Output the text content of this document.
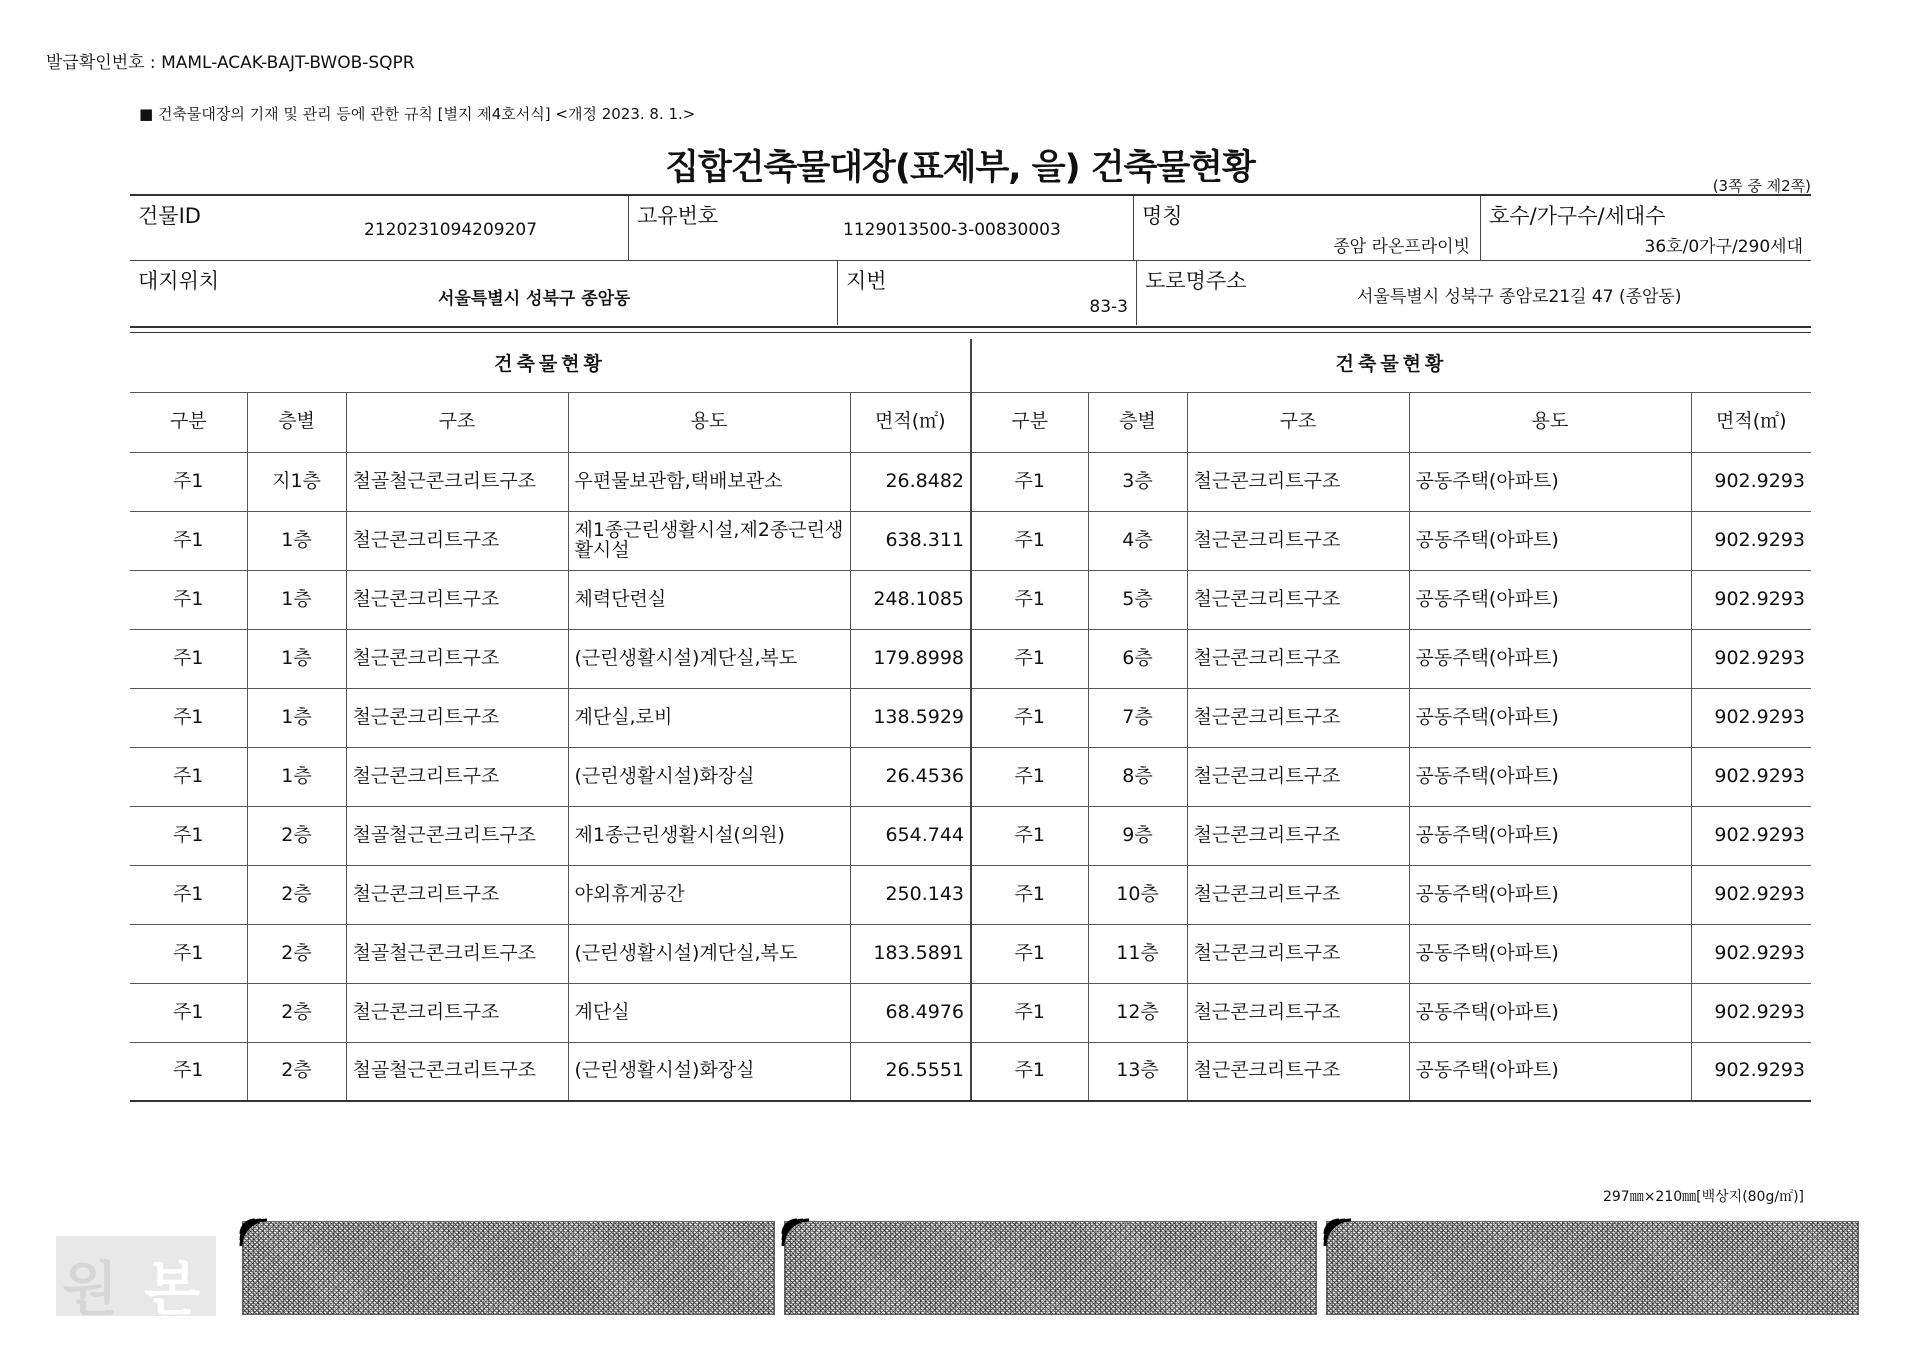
발급확인번호 : MAML-ACAK-BAJT-BWOB-SQPR
■ 건축물대장의 기재 및 관리 등에 관한 규칙 [별지 제4호서식] <개정 2023. 8. 1.>
집합건축물대장(표제부, 을) 건축물현황	(3쪽 중 제2쪽)
건물ID
2120231094209207
고유번호
1129013500-3-00830003
명칭
종암 라온프라이빗
호수/가구수/세대수
36호/0가구/290세대
대지위치
서울특별시 성북구 종암동
지번
83-3
도로명주소
서울특별시 성북구 종암로21길 47 (종암동)
건축물현황					건축물현황				
구분	층별	구조	용도	면적(㎡)	구분	층별	구조	용도	면적(㎡)
주1	지1층	철골철근콘크리트구조	우편물보관함,택배보관소	26.8482	주1	3층	철근콘크리트구조	공동주택(아파트)	902.9293
주1	1층	철근콘크리트구조	제1종근린생활시설,제2종근린생활시설	638.311	주1	4층	철근콘크리트구조	공동주택(아파트)	902.9293
주1	1층	철근콘크리트구조	체력단련실	248.1085	주1	5층	철근콘크리트구조	공동주택(아파트)	902.9293
주1	1층	철근콘크리트구조	(근린생활시설)계단실,복도	179.8998	주1	6층	철근콘크리트구조	공동주택(아파트)	902.9293
주1	1층	철근콘크리트구조	계단실,로비	138.5929	주1	7층	철근콘크리트구조	공동주택(아파트)	902.9293
주1	1층	철근콘크리트구조	(근린생활시설)화장실	26.4536	주1	8층	철근콘크리트구조	공동주택(아파트)	902.9293
주1	2층	철골철근콘크리트구조	제1종근린생활시설(의원)	654.744	주1	9층	철근콘크리트구조	공동주택(아파트)	902.9293
주1	2층	철근콘크리트구조	야외휴게공간	250.143	주1	10층	철근콘크리트구조	공동주택(아파트)	902.9293
주1	2층	철골철근콘크리트구조	(근린생활시설)계단실,복도	183.5891	주1	11층	철근콘크리트구조	공동주택(아파트)	902.9293
주1	2층	철근콘크리트구조	계단실	68.4976	주1	12층	철근콘크리트구조	공동주택(아파트)	902.9293
주1	2층	철골철근콘크리트구조	(근린생활시설)화장실	26.5551	주1	13층	철근콘크리트구조	공동주택(아파트)	902.9293
297㎜×210㎜[백상지(80g/㎡)]
원 본
